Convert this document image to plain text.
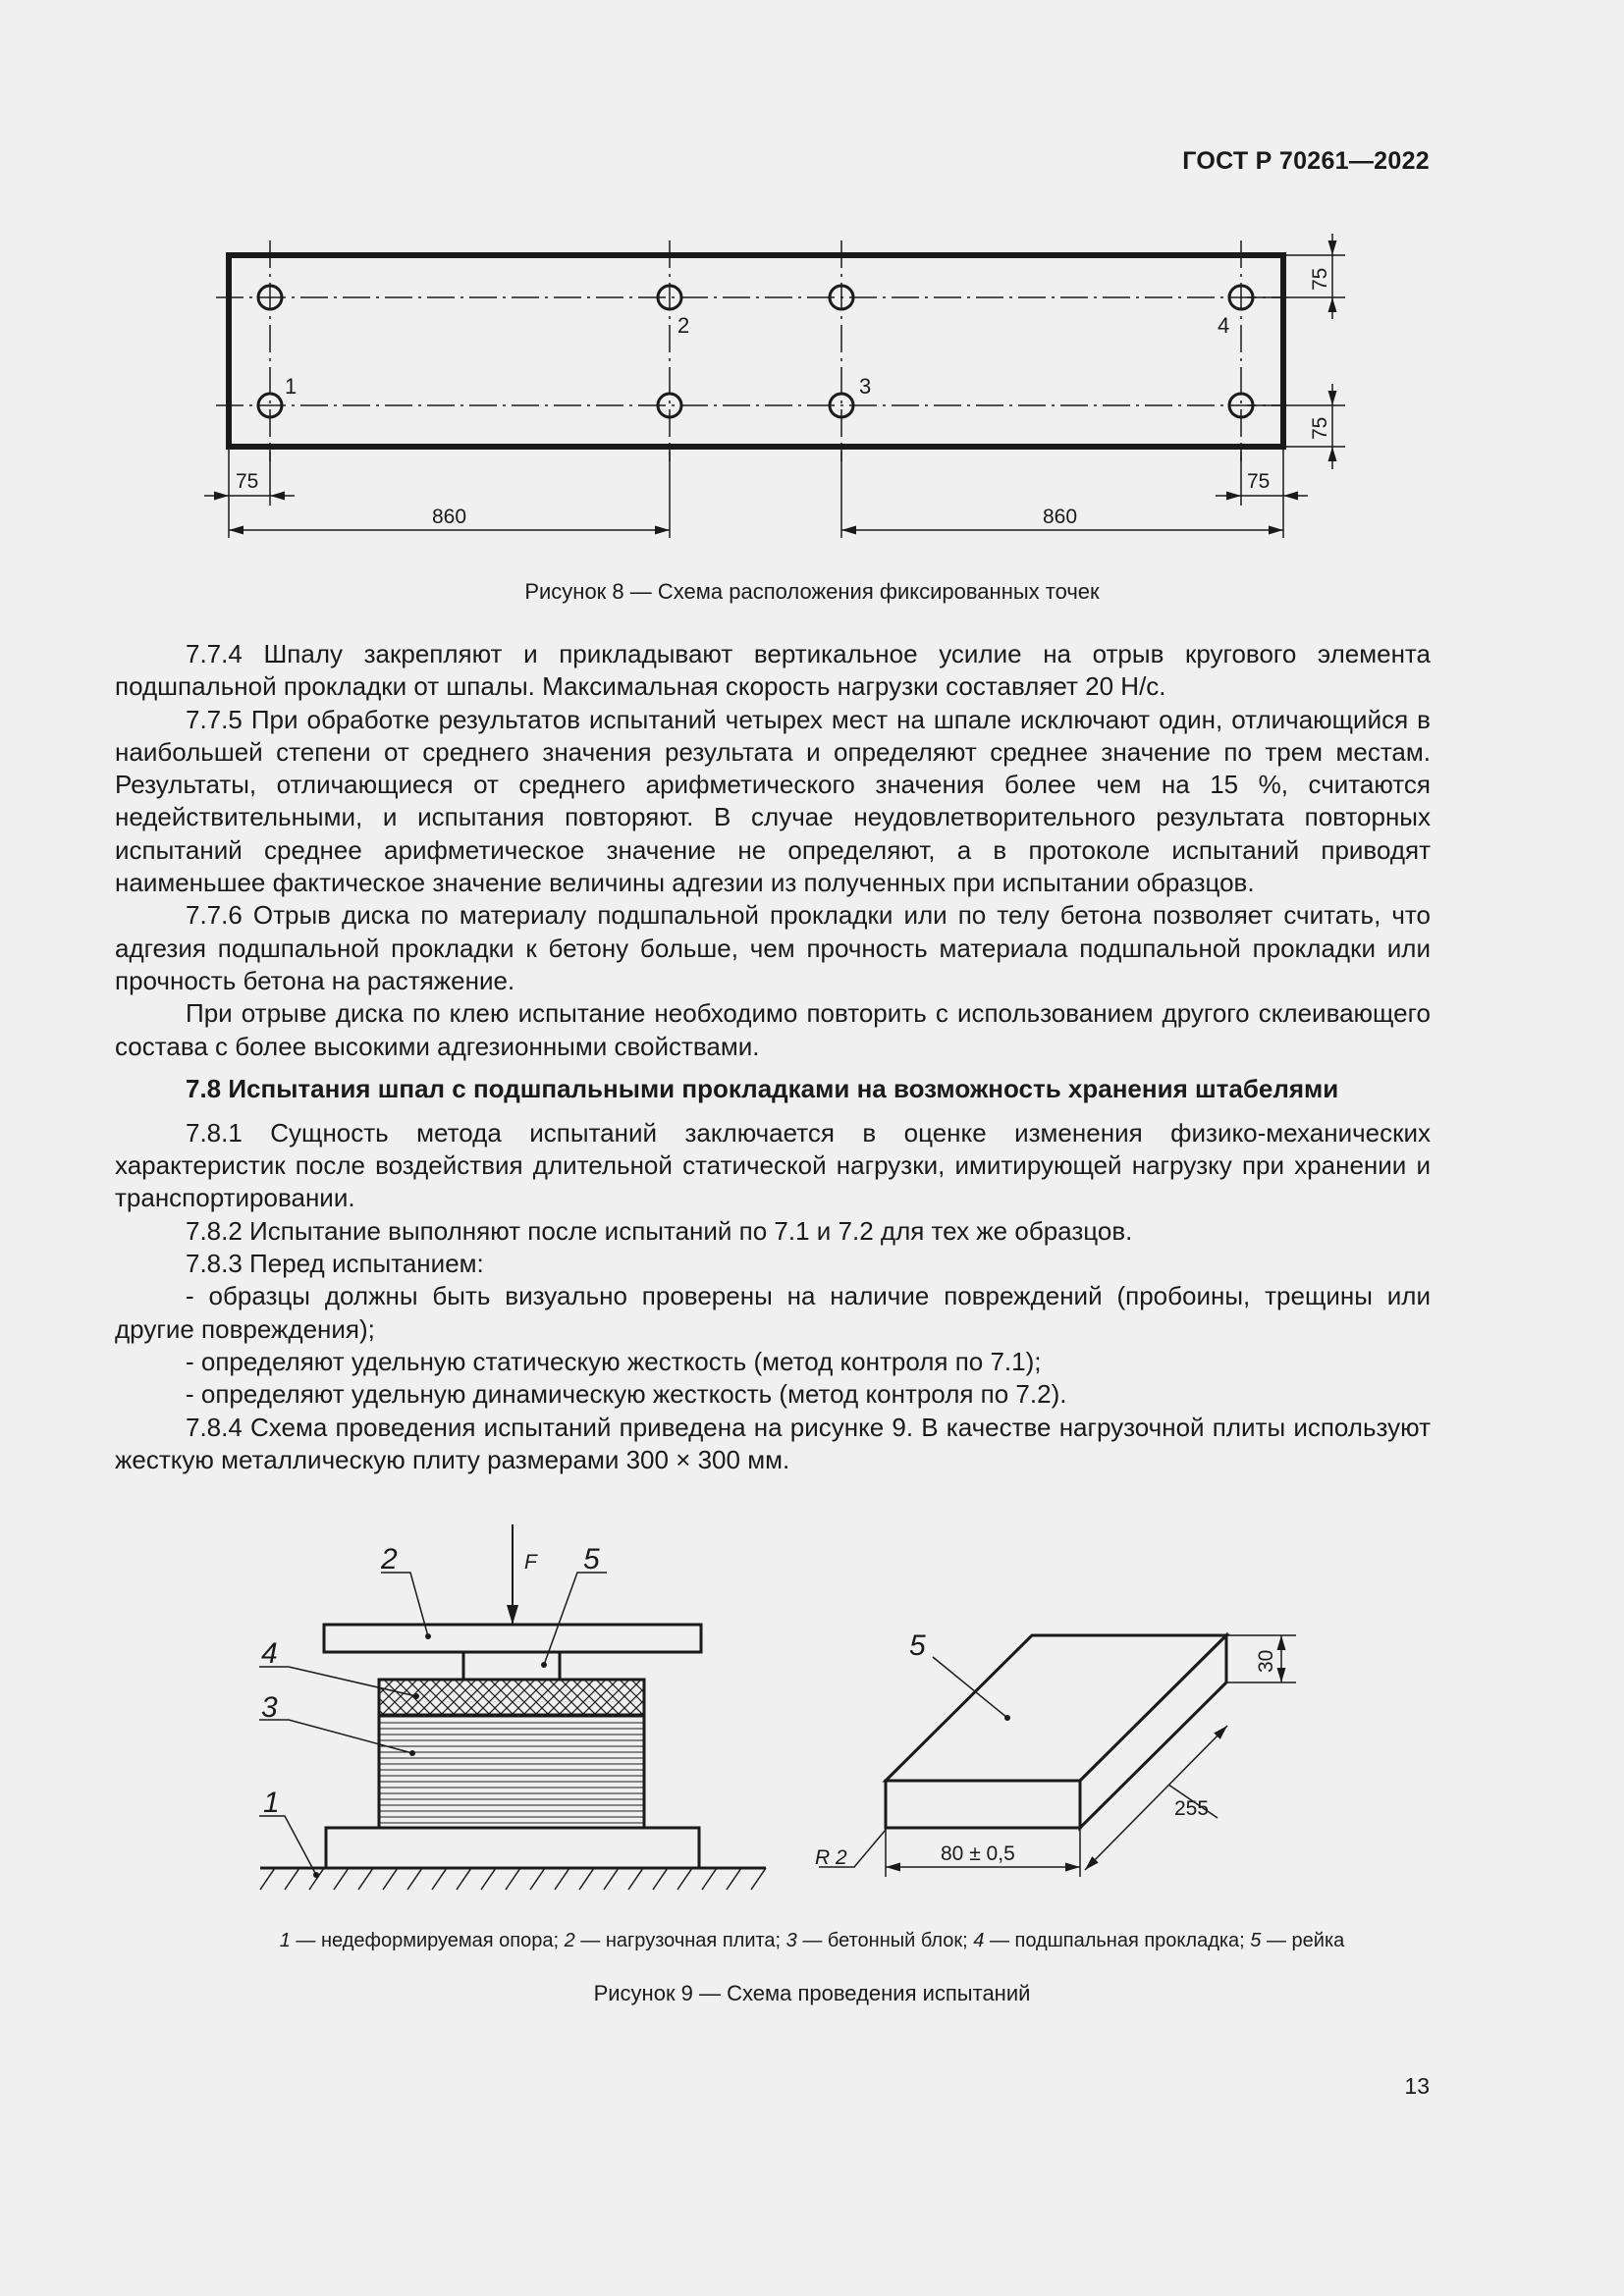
ГОСТ Р 70261—2022
1
2
3
4
75
860	860
75
75
75
Рисунок 8 — Схема расположения фиксированных точек

7.7.4 Шпалу закрепляют и прикладывают вертикальное усилие на отрыв кругового элемента подшпальной прокладки от шпалы. Максимальная скорость нагрузки составляет 20 Н/с.

7.7.5 При обработке результатов испытаний четырех мест на шпале исключают один, отличающийся в наибольшей степени от среднего значения результата и определяют среднее значение по трем местам. Результаты, отличающиеся от среднего арифметического значения более чем на 15 %, считаются недействительными, и испытания повторяют. В случае неудовлетворительного результата повторных испытаний среднее арифметическое значение не определяют, а в протоколе испытаний приводят наименьшее фактическое значение величины адгезии из полученных при испытании образцов.

7.7.6 Отрыв диска по материалу подшпальной прокладки или по телу бетона позволяет считать, что адгезия подшпальной прокладки к бетону больше, чем прочность материала подшпальной прокладки или прочность бетона на растяжение.

При отрыве диска по клею испытание необходимо повторить с использованием другого склеивающего состава с более высокими адгезионными свойствами.

7.8 Испытания шпал с подшпальными прокладками на возможность хранения штабелями

7.8.1 Сущность метода испытаний заключается в оценке изменения физико-механических характеристик после воздействия длительной статической нагрузки, имитирующей нагрузку при хранении и транспортировании.

7.8.2 Испытание выполняют после испытаний по 7.1 и 7.2 для тех же образцов.

7.8.3 Перед испытанием:

- образцы должны быть визуально проверены на наличие повреждений (пробоины, трещины или другие повреждения);

- определяют удельную статическую жесткость (метод контроля по 7.1);

- определяют удельную динамическую жесткость (метод контроля по 7.2).

7.8.4 Схема проведения испытаний приведена на рисунке 9. В качестве нагрузочной плиты используют жесткую металлическую плиту размерами 300 × 300 мм.

F
2	5
4
3
1
5	30
255
80 ± 0,5
R 2
1 — недеформируемая опора; 2 — нагрузочная плита; 3 — бетонный блок; 4 — подшпальная прокладка; 5 — рейка
Рисунок 9 — Схема проведения испытаний
13
